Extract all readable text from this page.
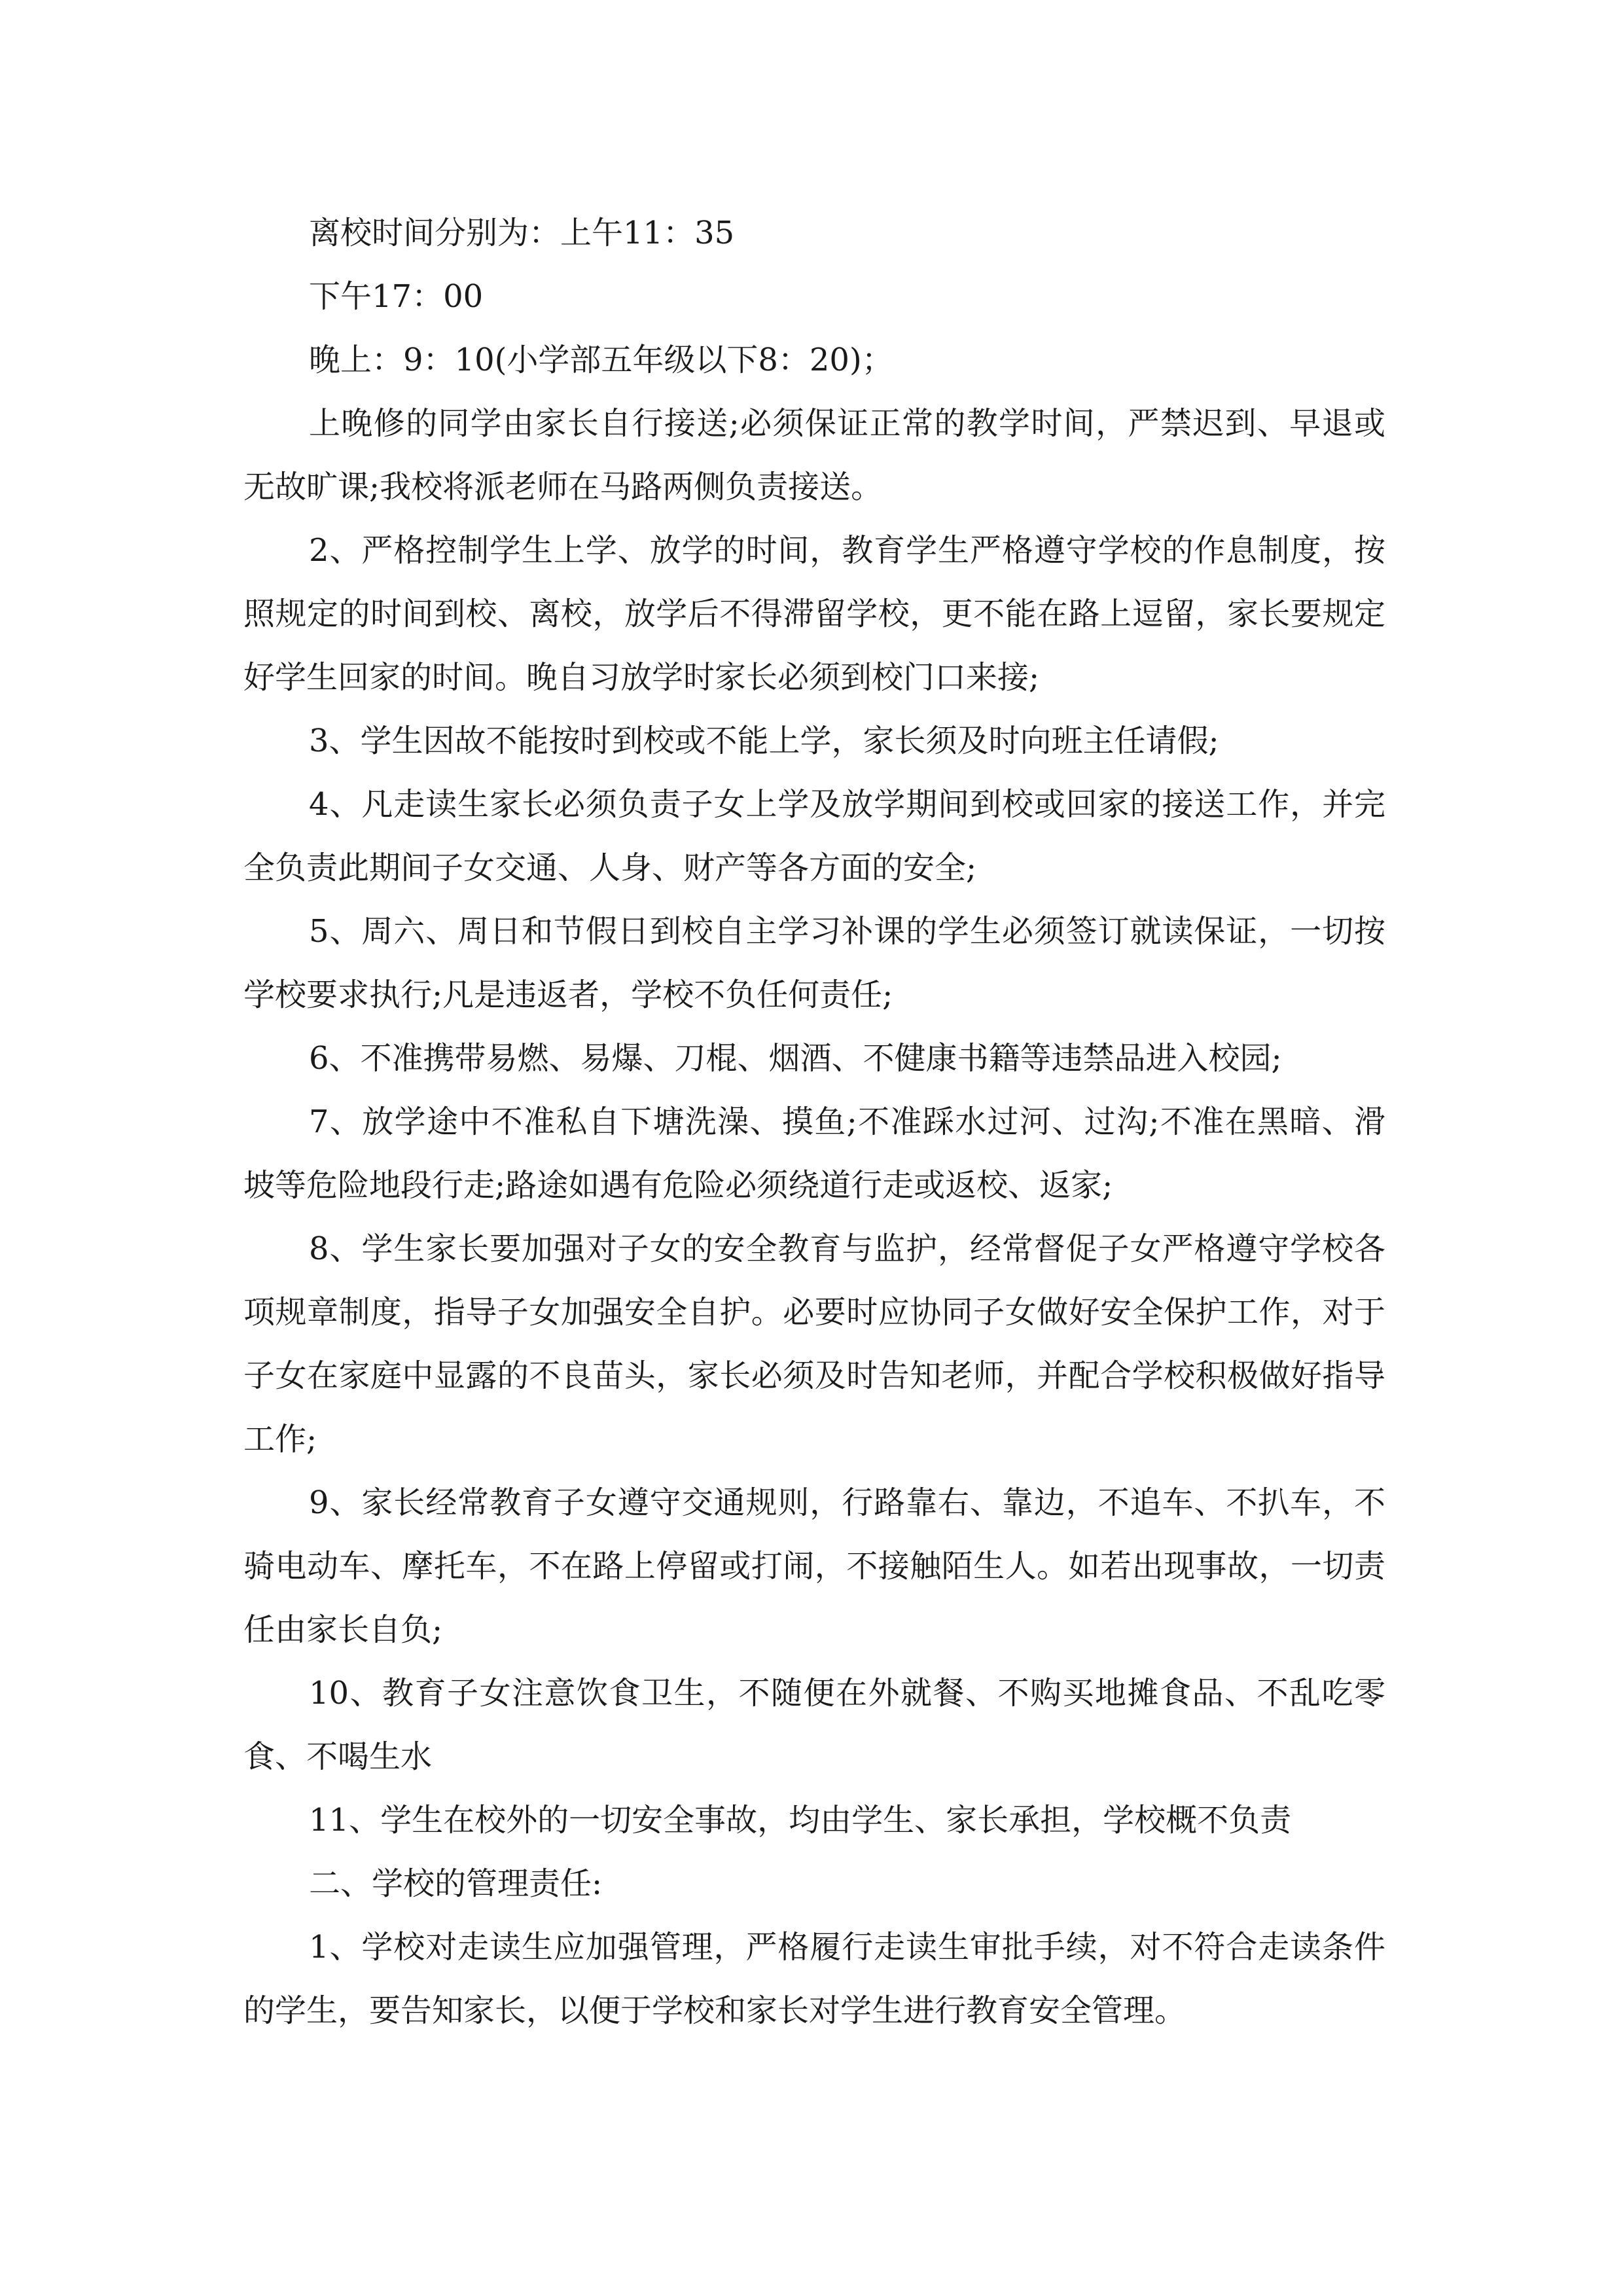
离校时间分别为：上午11：35

下午17：00

晚上：9：10(小学部五年级以下8：20)；

上晚修的同学由家长自行接送;必须保证正常的教学时间，严禁迟到、早退或无故旷课;我校将派老师在马路两侧负责接送。

2、严格控制学生上学、放学的时间，教育学生严格遵守学校的作息制度，按照规定的时间到校、离校，放学后不得滞留学校，更不能在路上逗留，家长要规定好学生回家的时间。晚自习放学时家长必须到校门口来接;

3、学生因故不能按时到校或不能上学，家长须及时向班主任请假;

4、凡走读生家长必须负责子女上学及放学期间到校或回家的接送工作，并完全负责此期间子女交通、人身、财产等各方面的安全;

5、周六、周日和节假日到校自主学习补课的学生必须签订就读保证，一切按学校要求执行;凡是违返者，学校不负任何责任;

6、不准携带易燃、易爆、刀棍、烟酒、不健康书籍等违禁品进入校园;

7、放学途中不准私自下塘洗澡、摸鱼;不准踩水过河、过沟;不准在黑暗、滑坡等危险地段行走;路途如遇有危险必须绕道行走或返校、返家;

8、学生家长要加强对子女的安全教育与监护，经常督促子女严格遵守学校各项规章制度，指导子女加强安全自护。必要时应协同子女做好安全保护工作，对于子女在家庭中显露的不良苗头，家长必须及时告知老师，并配合学校积极做好指导工作;

9、家长经常教育子女遵守交通规则，行路靠右、靠边，不追车、不扒车，不骑电动车、摩托车，不在路上停留或打闹，不接触陌生人。如若出现事故，一切责任由家长自负;

10、教育子女注意饮食卫生，不随便在外就餐、不购买地摊食品、不乱吃零食、不喝生水

11、学生在校外的一切安全事故，均由学生、家长承担，学校概不负责

二、学校的管理责任:

1、学校对走读生应加强管理，严格履行走读生审批手续，对不符合走读条件的学生，要告知家长，以便于学校和家长对学生进行教育安全管理。
